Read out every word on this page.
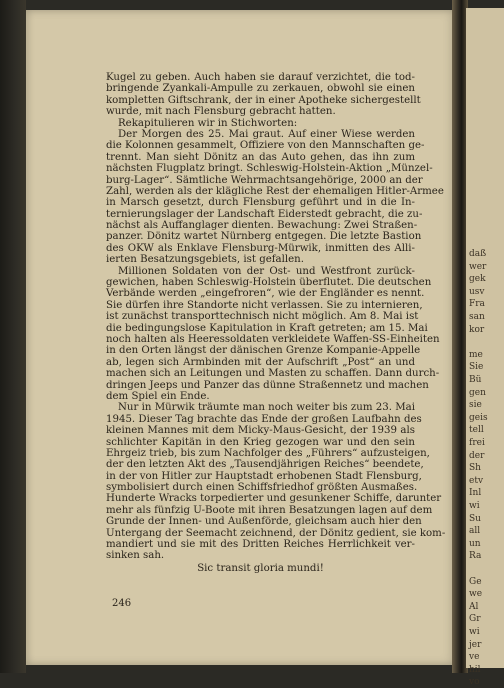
Kugel zu geben. Auch haben sie darauf verzichtet, die tod-
bringende Zyankali-Ampulle zu zerkauen, obwohl sie einen
kompletten Giftschrank, der in einer Apotheke sichergestellt
wurde, mit nach Flensburg gebracht hatten.
Rekapitulieren wir in Stichworten:
Der Morgen des 25. Mai graut. Auf einer Wiese werden
die Kolonnen gesammelt, Offiziere von den Mannschaften ge-
trennt. Man sieht Dönitz an das Auto gehen, das ihn zum
nächsten Flugplatz bringt. Schleswig-Holstein-Aktion „Münzel-
burg-Lager“. Sämtliche Wehrmachtsangehörige, 2000 an der
Zahl, werden als der klägliche Rest der ehemaligen Hitler-Armee
in Marsch gesetzt, durch Flensburg geführt und in die In-
ternierungslager der Landschaft Eiderstedt gebracht, die zu-
nächst als Auffanglager dienten. Bewachung: Zwei Straßen-
panzer. Dönitz wartet Nürnberg entgegen. Die letzte Bastion
des OKW als Enklave Flensburg-Mürwik, inmitten des Alli-
ierten Besatzungsgebiets, ist gefallen.
Millionen Soldaten von der Ost- und Westfront zurück-
gewichen, haben Schleswig-Holstein überflutet. Die deutschen
Verbände werden „eingefroren“, wie der Engländer es nennt.
Sie dürfen ihre Standorte nicht verlassen. Sie zu internieren,
ist zunächst transporttechnisch nicht möglich. Am 8. Mai ist
die bedingungslose Kapitulation in Kraft getreten; am 15. Mai
noch halten als Heeressoldaten verkleidete Waffen-SS-Einheiten
in den Orten längst der dänischen Grenze Kompanie-Appelle
ab, legen sich Armbinden mit der Aufschrift „Post“ an und
machen sich an Leitungen und Masten zu schaffen. Dann durch-
dringen Jeeps und Panzer das dünne Straßennetz und machen
dem Spiel ein Ende.
Nur in Mürwik träumte man noch weiter bis zum 23. Mai
1945. Dieser Tag brachte das Ende der großen Laufbahn des
kleinen Mannes mit dem Micky-Maus-Gesicht, der 1939 als
schlichter Kapitän in den Krieg gezogen war und den sein
Ehrgeiz trieb, bis zum Nachfolger des „Führers“ aufzusteigen,
der den letzten Akt des „Tausendjährigen Reiches“ beendete,
in der von Hitler zur Hauptstadt erhobenen Stadt Flensburg,
symbolisiert durch einen Schiffsfriedhof größten Ausmaßes.
Hunderte Wracks torpedierter und gesunkener Schiffe, darunter
mehr als fünfzig U-Boote mit ihren Besatzungen lagen auf dem
Grunde der Innen- und Außenförde, gleichsam auch hier den
Untergang der Seemacht zeichnend, der Dönitz gedient, sie kom-
mandiert und sie mit des Dritten Reiches Herrlichkeit ver-
sinken sah.
Sic transit gloria mundi!
246
daß
wer
gek
usv
Fra
san
kor
me
Sie
Bü
gen
sie
geis
tell
frei
der
Sh
etv
Inl
wi
Su
all
un
Ra
Ge
we
Al
Gr
wi
jer
ve
hil
vo
